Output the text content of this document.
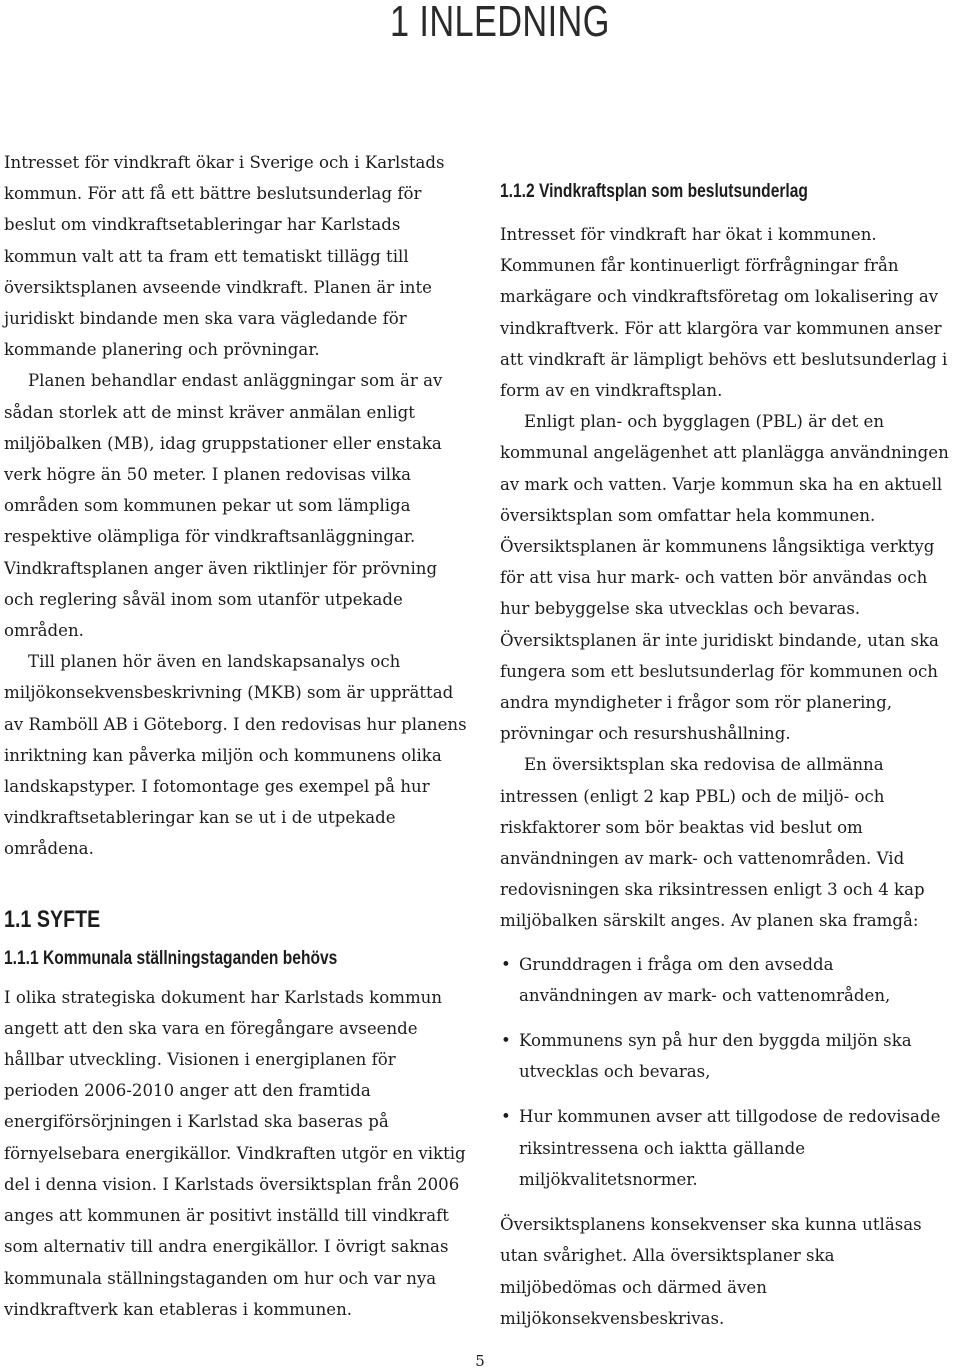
1 INLEDNING

Intresset för vindkraft ökar i Sverige och i Karlstads kommun. För att få ett bättre beslutsunderlag för beslut om vindkraftsetableringar har Karlstads kommun valt att ta fram ett tematiskt tillägg till översiktsplanen avseende vindkraft. Planen är inte juridiskt bindande men ska vara vägledande för kommande planering och prövningar.

Planen behandlar endast anläggningar som är av sådan storlek att de minst kräver anmälan enligt miljöbalken (MB), idag gruppstationer eller enstaka verk högre än 50 meter. I planen redovisas vilka områden som kommunen pekar ut som lämpliga respektive olämpliga för vindkraftsanläggningar. Vindkraftsplanen anger även riktlinjer för prövning och reglering såväl inom som utanför utpekade områden.

Till planen hör även en landskapsanalys och miljökonsekvensbeskrivning (MKB) som är upprättad av Ramböll AB i Göteborg. I den redovisas hur planens inriktning kan påverka miljön och kommunens olika landskapstyper. I fotomontage ges exempel på hur vindkraftsetableringar kan se ut i de utpekade områdena.

1.1 SYFTE
1.1.1 Kommunala ställningstaganden behövs

I olika strategiska dokument har Karlstads kommun angett att den ska vara en föregångare avseende hållbar utveckling. Visionen i energiplanen för perioden 2006-2010 anger att den framtida energiförsörjningen i Karlstad ska baseras på förnyelsebara energikällor. Vindkraften utgör en viktig del i denna vision. I Karlstads översiktsplan från 2006 anges att kommunen är positivt inställd till vindkraft som alternativ till andra energikällor. I övrigt saknas kommunala ställningstaganden om hur och var nya vindkraftverk kan etableras i kommunen.

1.1.2 Vindkraftsplan som beslutsunderlag

Intresset för vindkraft har ökat i kommunen. Kommunen får kontinuerligt förfrågningar från markägare och vindkraftsföretag om lokalisering av vindkraftverk. För att klargöra var kommunen anser att vindkraft är lämpligt behövs ett beslutsunderlag i form av en vindkraftsplan.

Enligt plan- och bygglagen (PBL) är det en kommunal angelägenhet att planlägga användningen av mark och vatten. Varje kommun ska ha en aktuell översiktsplan som omfattar hela kommunen. Översiktsplanen är kommunens långsiktiga verktyg för att visa hur mark- och vatten bör användas och hur bebyggelse ska utvecklas och bevaras. Översiktsplanen är inte juridiskt bindande, utan ska fungera som ett beslutsunderlag för kommunen och andra myndigheter i frågor som rör planering, prövningar och resurshushållning.

En översiktsplan ska redovisa de allmänna intressen (enligt 2 kap PBL) och de miljö- och riskfaktorer som bör beaktas vid beslut om användningen av mark- och vattenområden. Vid redovisningen ska riksintressen enligt 3 och 4 kap miljöbalken särskilt anges. Av planen ska framgå:

• Grunddragen i fråga om den avsedda användningen av mark- och vattenområden,
• Kommunens syn på hur den byggda miljön ska utvecklas och bevaras,
• Hur kommunen avser att tillgodose de redovisade riksintressena och iaktta gällande miljökvalitetsnormer.

Översiktsplanens konsekvenser ska kunna utläsas utan svårighet. Alla översiktsplaner ska miljöbedömas och därmed även miljökonsekvensbeskrivas.

5
